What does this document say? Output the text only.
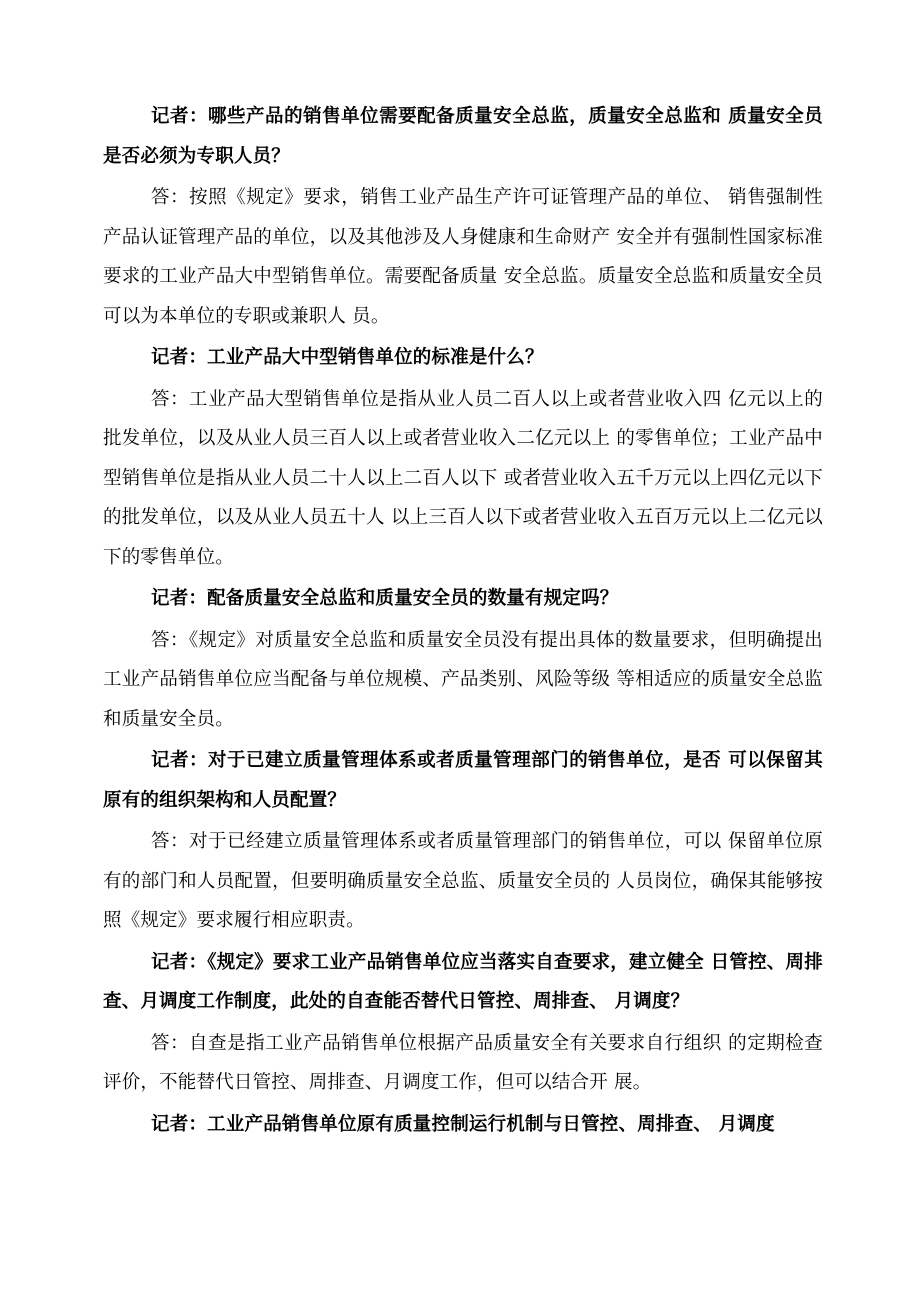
记者：哪些产品的销售单位需要配备质量安全总监，质量安全总监和 质量安全员是否必须为专职人员？

答：按照《规定》要求，销售工业产品生产许可证管理产品的单位、 销售强制性产品认证管理产品的单位，以及其他涉及人身健康和生命财产 安全并有强制性国家标准要求的工业产品大中型销售单位。需要配备质量 安全总监。质量安全总监和质量安全员可以为本单位的专职或兼职人 员。

记者：工业产品大中型销售单位的标准是什么？

答：工业产品大型销售单位是指从业人员二百人以上或者营业收入四 亿元以上的批发单位，以及从业人员三百人以上或者营业收入二亿元以上 的零售单位；工业产品中型销售单位是指从业人员二十人以上二百人以下 或者营业收入五千万元以上四亿元以下的批发单位，以及从业人员五十人 以上三百人以下或者营业收入五百万元以上二亿元以下的零售单位。

记者：配备质量安全总监和质量安全员的数量有规定吗？

答：《规定》对质量安全总监和质量安全员没有提出具体的数量要求，但明确提出工业产品销售单位应当配备与单位规模、产品类别、风险等级 等相适应的质量安全总监和质量安全员。

记者：对于已建立质量管理体系或者质量管理部门的销售单位，是否 可以保留其原有的组织架构和人员配置？

答：对于已经建立质量管理体系或者质量管理部门的销售单位，可以 保留单位原有的部门和人员配置，但要明确质量安全总监、质量安全员的 人员岗位，确保其能够按照《规定》要求履行相应职责。

记者：《规定》要求工业产品销售单位应当落实自查要求，建立健全 日管控、周排查、月调度工作制度，此处的自查能否替代日管控、周排查、 月调度？

答：自查是指工业产品销售单位根据产品质量安全有关要求自行组织 的定期检查评价，不能替代日管控、周排查、月调度工作，但可以结合开 展。

记者：工业产品销售单位原有质量控制运行机制与日管控、周排查、 月调度
